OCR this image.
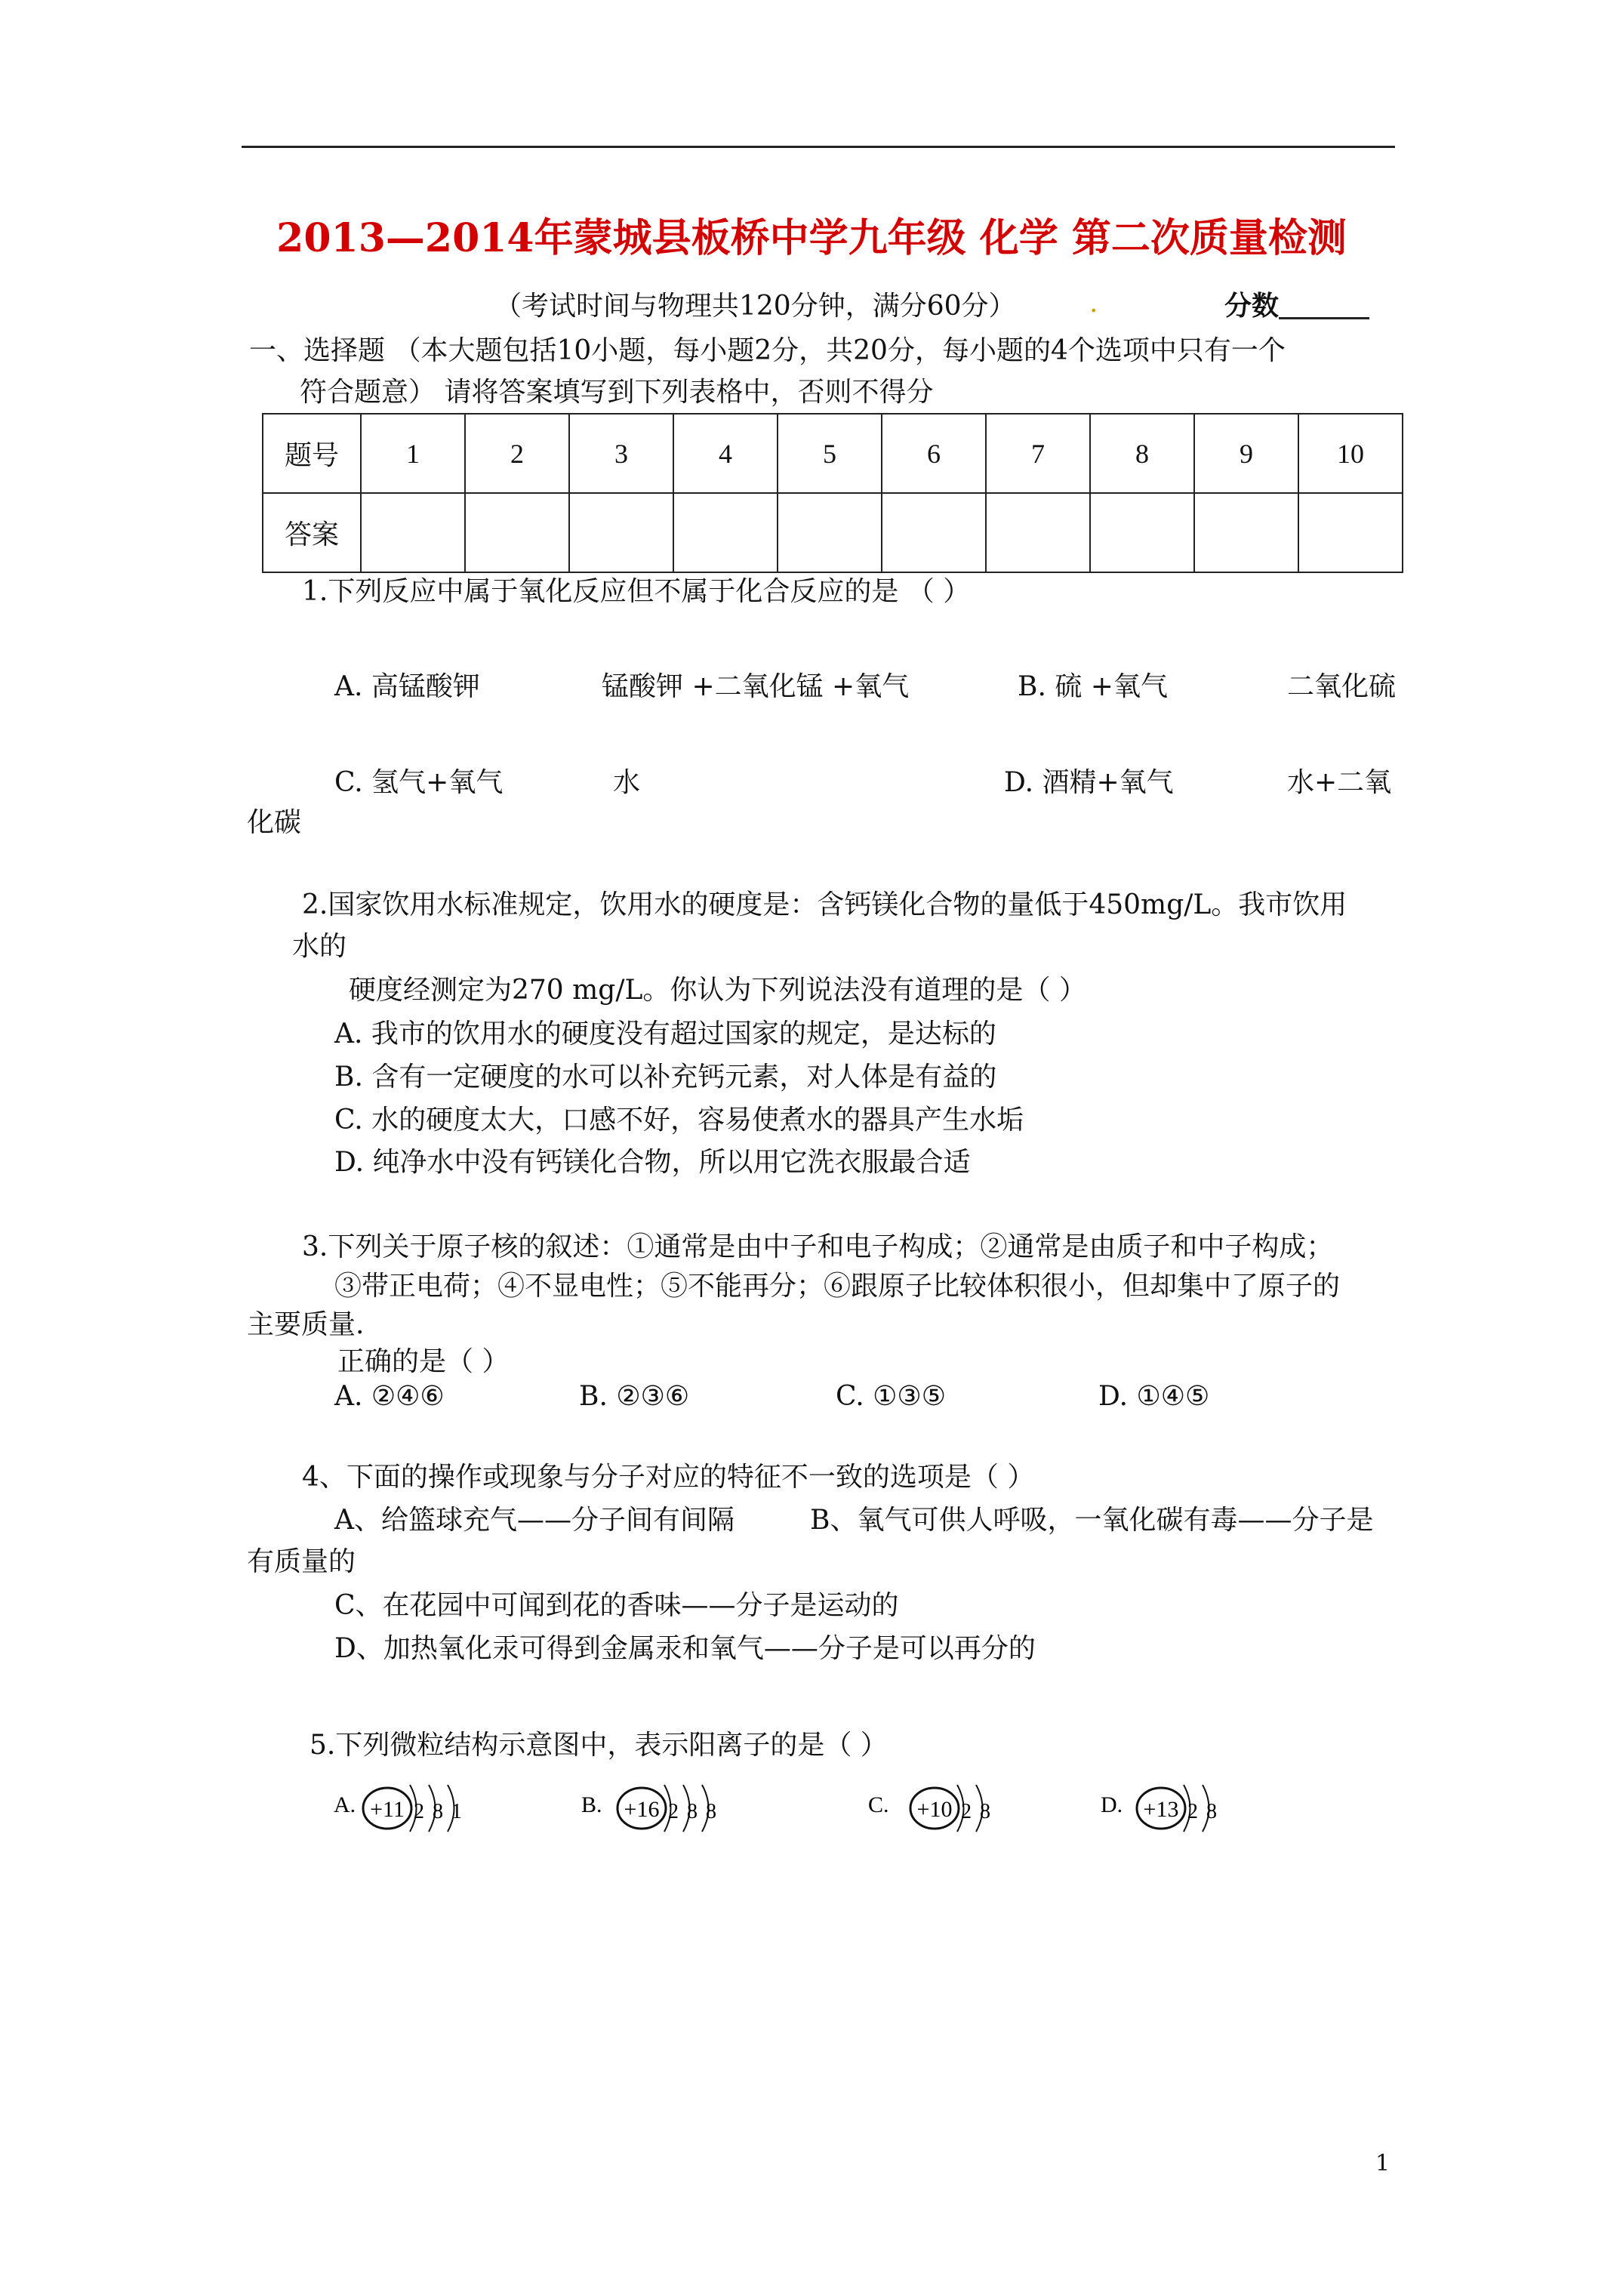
2013—2014年蒙城县板桥中学九年级 化学 第二次质量检测
（考试时间与物理共120分钟，满分60分）	.	分数
一、选择题 （本大题包括10小题，每小题2分，共20分，每小题的4个选项中只有一个
符合题意） 请将答案填写到下列表格中，否则不得分
题号	1	2	3	4	5	6	7	8	9	10
答案										
1.下列反应中属于氧化反应但不属于化合反应的是 （ ）
A. 高锰酸钾	锰酸钾 +二氧化锰 +氧气	B. 硫 +氧气	二氧化硫
C. 氢气+氧气	水	D. 酒精+氧气	水+二氧
化碳
2.国家饮用水标准规定，饮用水的硬度是：含钙镁化合物的量低于450mg/L。我市饮用
水的
硬度经测定为270 mg/L。你认为下列说法没有道理的是（ ）
A. 我市的饮用水的硬度没有超过国家的规定，是达标的
B. 含有一定硬度的水可以补充钙元素，对人体是有益的
C. 水的硬度太大，口感不好，容易使煮水的器具产生水垢
D. 纯净水中没有钙镁化合物，所以用它洗衣服最合适
3.下列关于原子核的叙述：①通常是由中子和电子构成；②通常是由质子和中子构成；
③带正电荷；④不显电性；⑤不能再分；⑥跟原子比较体积很小，但却集中了原子的
主要质量.
正确的是（ ）
A. ②④⑥	B. ②③⑥	C. ①③⑤	D. ①④⑤
4、下面的操作或现象与分子对应的特征不一致的选项是（ ）
A、给篮球充气——分子间有间隔	B、氧气可供人呼吸，一氧化碳有毒——分子是
有质量的
C、在花园中可闻到花的香味——分子是运动的
D、加热氧化汞可得到金属汞和氧气——分子是可以再分的
5.下列微粒结构示意图中，表示阳离子的是（ ）
A. +11 2 8 1	B. +16 2 8 8	C. +10 2 8	D. +13 2 8
1
